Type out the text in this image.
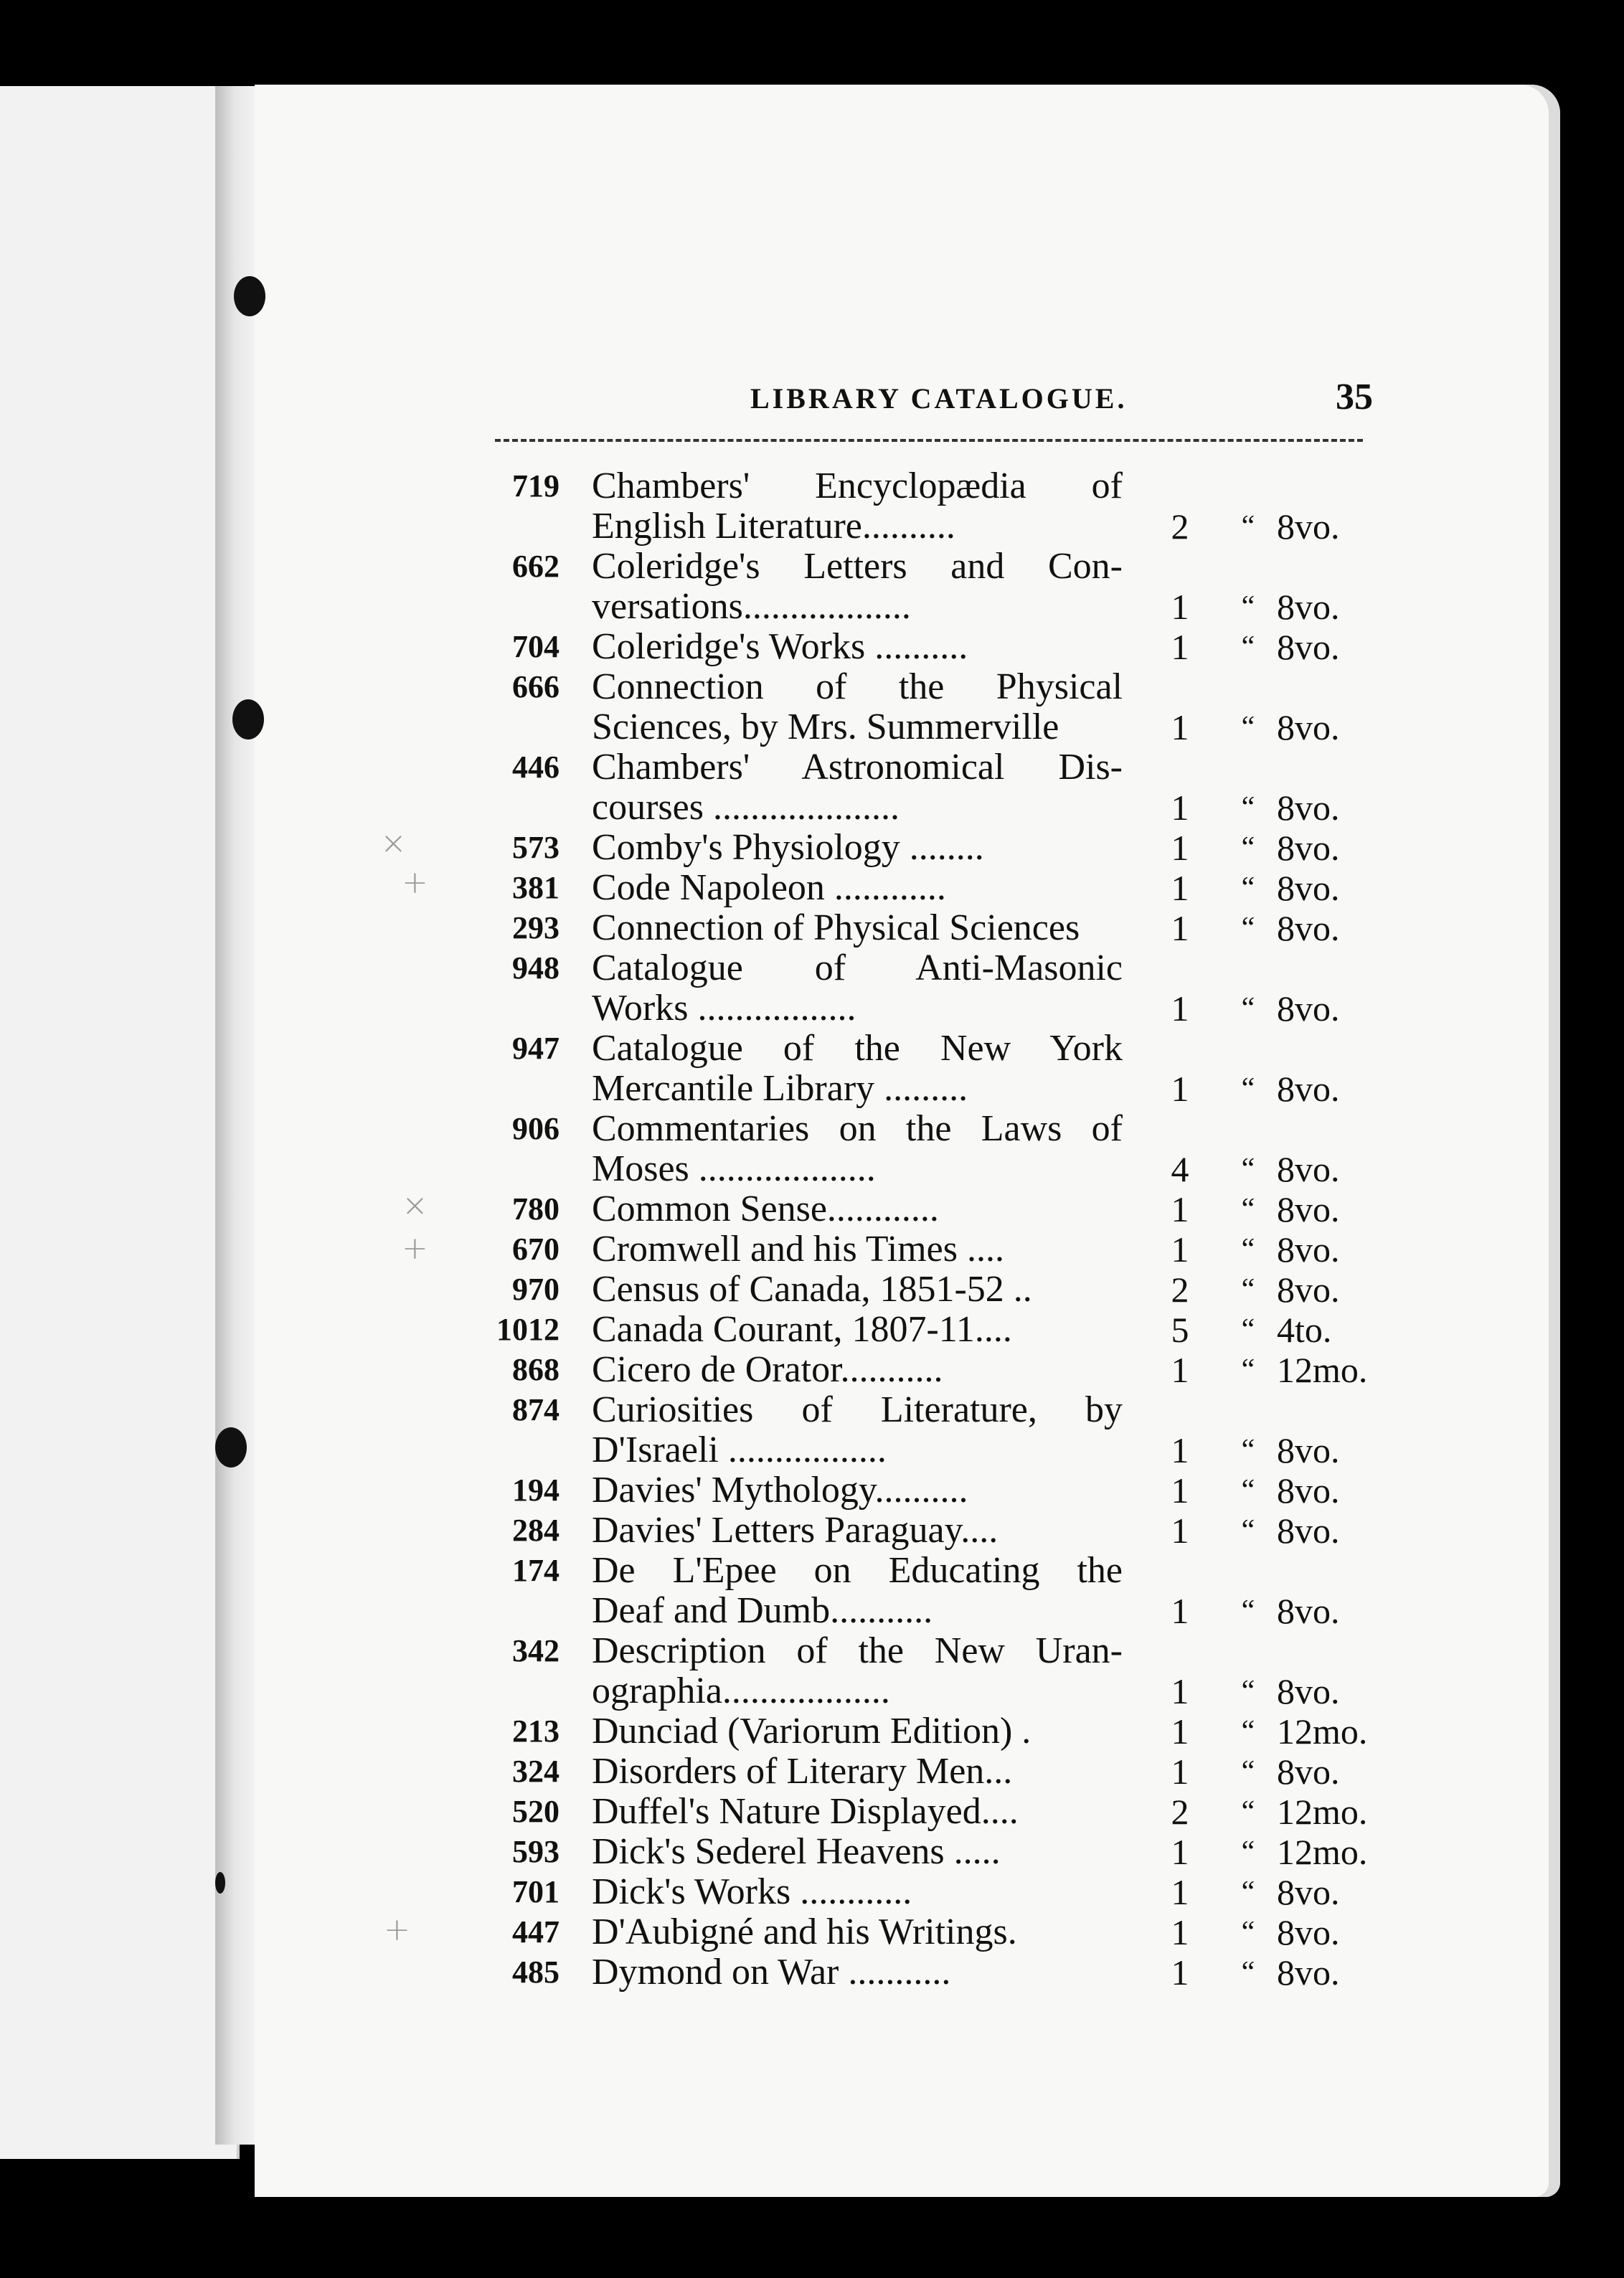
×
+
×
+
+
LIBRARY CATALOGUE.	35
719 Chambers' Encyclopædia of
English Literature..........	2	“ 8vo.
662 Coleridge's Letters and Con-
versations..................	1	“ 8vo.
704 Coleridge's Works ..........	1	“ 8vo.
666 Connection of the Physical
Sciences, by Mrs. Summerville	1	“ 8vo.
446 Chambers' Astronomical Dis-
courses ....................	1	“ 8vo.
573 Comby's Physiology ........	1	“ 8vo.
381 Code Napoleon ............	1	“ 8vo.
293 Connection of Physical Sciences	1	“ 8vo.
948 Catalogue of Anti-Masonic
Works .................	1	“ 8vo.
947 Catalogue of the New York
Mercantile Library .........	1	“ 8vo.
906 Commentaries on the Laws of
Moses ...................	4	“ 8vo.
780 Common Sense............	1	“ 8vo.
670 Cromwell and his Times ....	1	“ 8vo.
970 Census of Canada, 1851-52 ..	2	“ 8vo.
1012 Canada Courant, 1807-11....	5	“ 4to.
868 Cicero de Orator...........	1	“ 12mo.
874 Curiosities of Literature, by
D'Israeli .................	1	“ 8vo.
194 Davies' Mythology..........	1	“ 8vo.
284 Davies' Letters Paraguay....	1	“ 8vo.
174 De L'Epee on Educating the
Deaf and Dumb...........	1	“ 8vo.
342 Description of the New Uran-
ographia..................	1	“ 8vo.
213 Dunciad (Variorum Edition) .	1	“ 12mo.
324 Disorders of Literary Men...	1	“ 8vo.
520 Duffel's Nature Displayed....	2	“ 12mo.
593 Dick's Sederel Heavens .....	1	“ 12mo.
701 Dick's Works ............	1	“ 8vo.
447 D'Aubigné and his Writings.	1	“ 8vo.
485 Dymond on War ...........	1	“ 8vo.
